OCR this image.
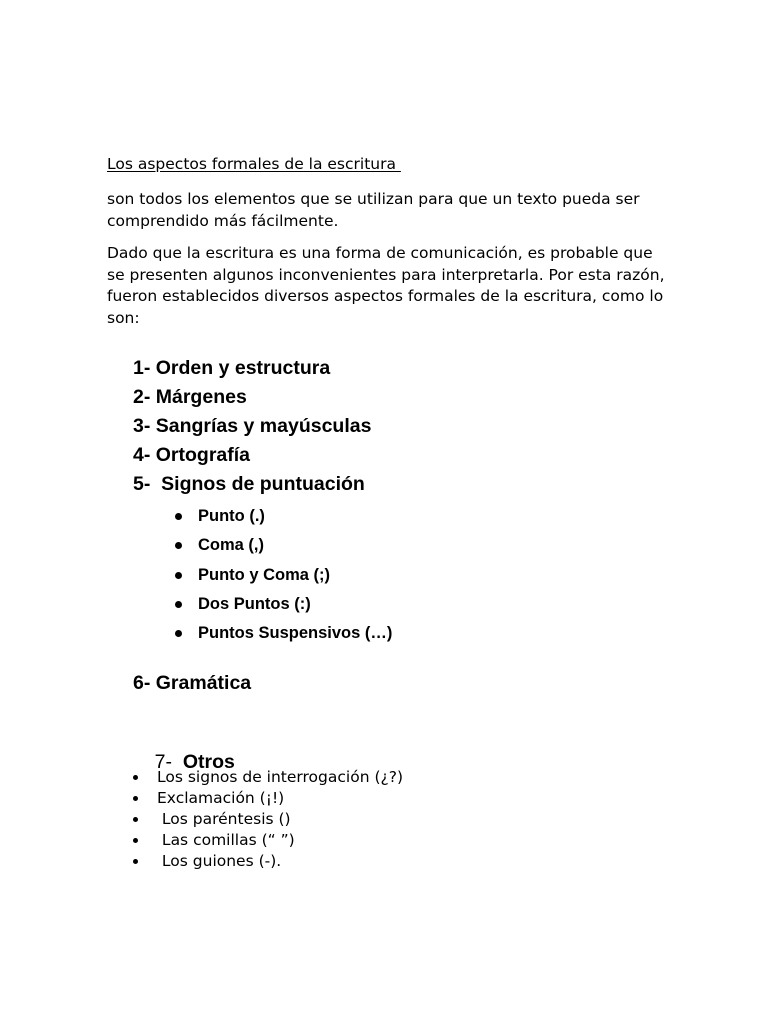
Los aspectos formales de la escritura
son todos los elementos que se utilizan para que un texto pueda ser comprendido más fácilmente.
Dado que la escritura es una forma de comunicación, es probable que se presenten algunos inconvenientes para interpretarla. Por esta razón, fueron establecidos diversos aspectos formales de la escritura, como lo son:
1- Orden y estructura
2- Márgenes
3- Sangrías y mayúsculas
4- Ortografía
5-  Signos de puntuación
Punto (.)
Coma (,)
Punto y Coma (;)
Dos Puntos (:)
Puntos Suspensivos (…)
6- Gramática

7- Otros

Los signos de interrogación (¿?)
Exclamación (¡!)
Los paréntesis ()
Las comillas (“ ”)
Los guiones (-).
